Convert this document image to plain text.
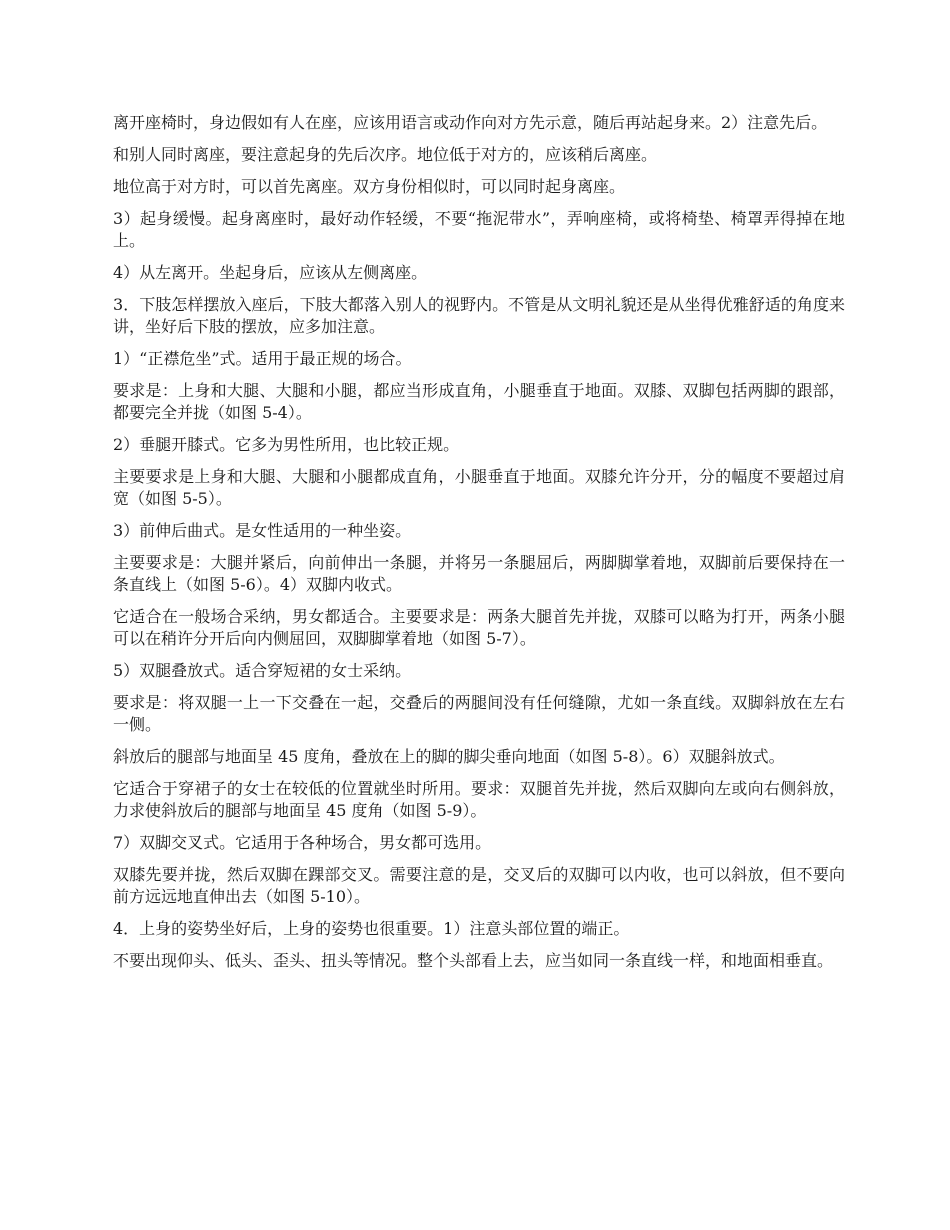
离开座椅时，身边假如有人在座，应该用语言或动作向对方先示意，随后再站起身来。2）注意先后。

和别人同时离座，要注意起身的先后次序。地位低于对方的，应该稍后离座。

地位高于对方时，可以首先离座。双方身份相似时，可以同时起身离座。

3）起身缓慢。起身离座时，最好动作轻缓，不要“拖泥带水”，弄响座椅，或将椅垫、椅罩弄得掉在地上。

4）从左离开。坐起身后，应该从左侧离座。

3．下肢怎样摆放入座后，下肢大都落入别人的视野内。不管是从文明礼貌还是从坐得优雅舒适的角度来讲，坐好后下肢的摆放，应多加注意。

1）“正襟危坐”式。适用于最正规的场合。

要求是：上身和大腿、大腿和小腿，都应当形成直角，小腿垂直于地面。双膝、双脚包括两脚的跟部，都要完全并拢（如图 5-4）。

2）垂腿开膝式。它多为男性所用，也比较正规。

主要要求是上身和大腿、大腿和小腿都成直角，小腿垂直于地面。双膝允许分开，分的幅度不要超过肩宽（如图 5-5）。

3）前伸后曲式。是女性适用的一种坐姿。

主要要求是：大腿并紧后，向前伸出一条腿，并将另一条腿屈后，两脚脚掌着地，双脚前后要保持在一条直线上（如图 5-6）。4）双脚内收式。

它适合在一般场合采纳，男女都适合。主要要求是：两条大腿首先并拢，双膝可以略为打开，两条小腿可以在稍许分开后向内侧屈回，双脚脚掌着地（如图 5-7）。

5）双腿叠放式。适合穿短裙的女士采纳。

要求是：将双腿一上一下交叠在一起，交叠后的两腿间没有任何缝隙，尤如一条直线。双脚斜放在左右一侧。

斜放后的腿部与地面呈 45 度角，叠放在上的脚的脚尖垂向地面（如图 5-8）。6）双腿斜放式。

它适合于穿裙子的女士在较低的位置就坐时所用。要求：双腿首先并拢，然后双脚向左或向右侧斜放，力求使斜放后的腿部与地面呈 45 度角（如图 5-9）。

7）双脚交叉式。它适用于各种场合，男女都可选用。

双膝先要并拢，然后双脚在踝部交叉。需要注意的是，交叉后的双脚可以内收，也可以斜放，但不要向前方远远地直伸出去（如图 5-10）。

4．上身的姿势坐好后，上身的姿势也很重要。1）注意头部位置的端正。

不要出现仰头、低头、歪头、扭头等情况。整个头部看上去，应当如同一条直线一样，和地面相垂直。
